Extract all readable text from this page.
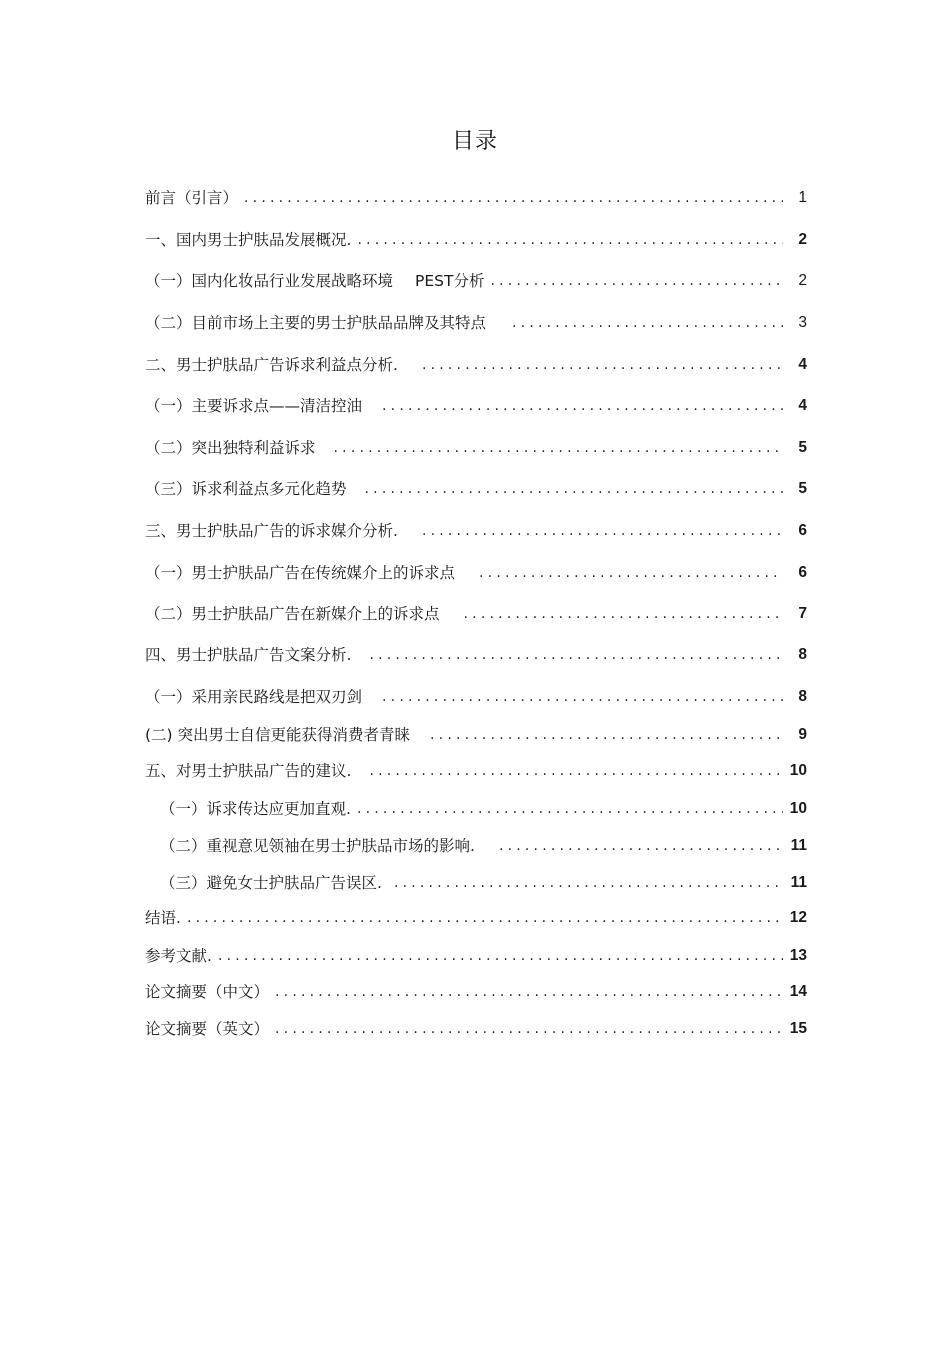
目录
前言（引言） .....	1
一、国内男士护肤品发展概况. .....	2
（一）国内化妆品行业发展战略环境 PEST分析 .....	2
（二）目前市场上主要的男士护肤品品牌及其特点 .....	3
二、男士护肤品广告诉求利益点分析. .....	4
（一）主要诉求点——清洁控油 .....	4
（二）突出独特利益诉求 .....	5
（三）诉求利益点多元化趋势 .....	5
三、男士护肤品广告的诉求媒介分析. .....	6
（一）男士护肤品广告在传统媒介上的诉求点 .....	6
（二）男士护肤品广告在新媒介上的诉求点 .....	7
四、男士护肤品广告文案分析. .....	8
（一）采用亲民路线是把双刃剑 .....	8
(二) 突出男士自信更能获得消费者青睐 .....	9
五、对男士护肤品广告的建议. .....	10
（一）诉求传达应更加直观. .....	10
（二）重视意见领袖在男士护肤品市场的影响. .....	11
（三）避免女士护肤品广告误区. .....	11
结语. .....	12
参考文献. .....	13
论文摘要（中文） .....	14
论文摘要（英文） .....	15
